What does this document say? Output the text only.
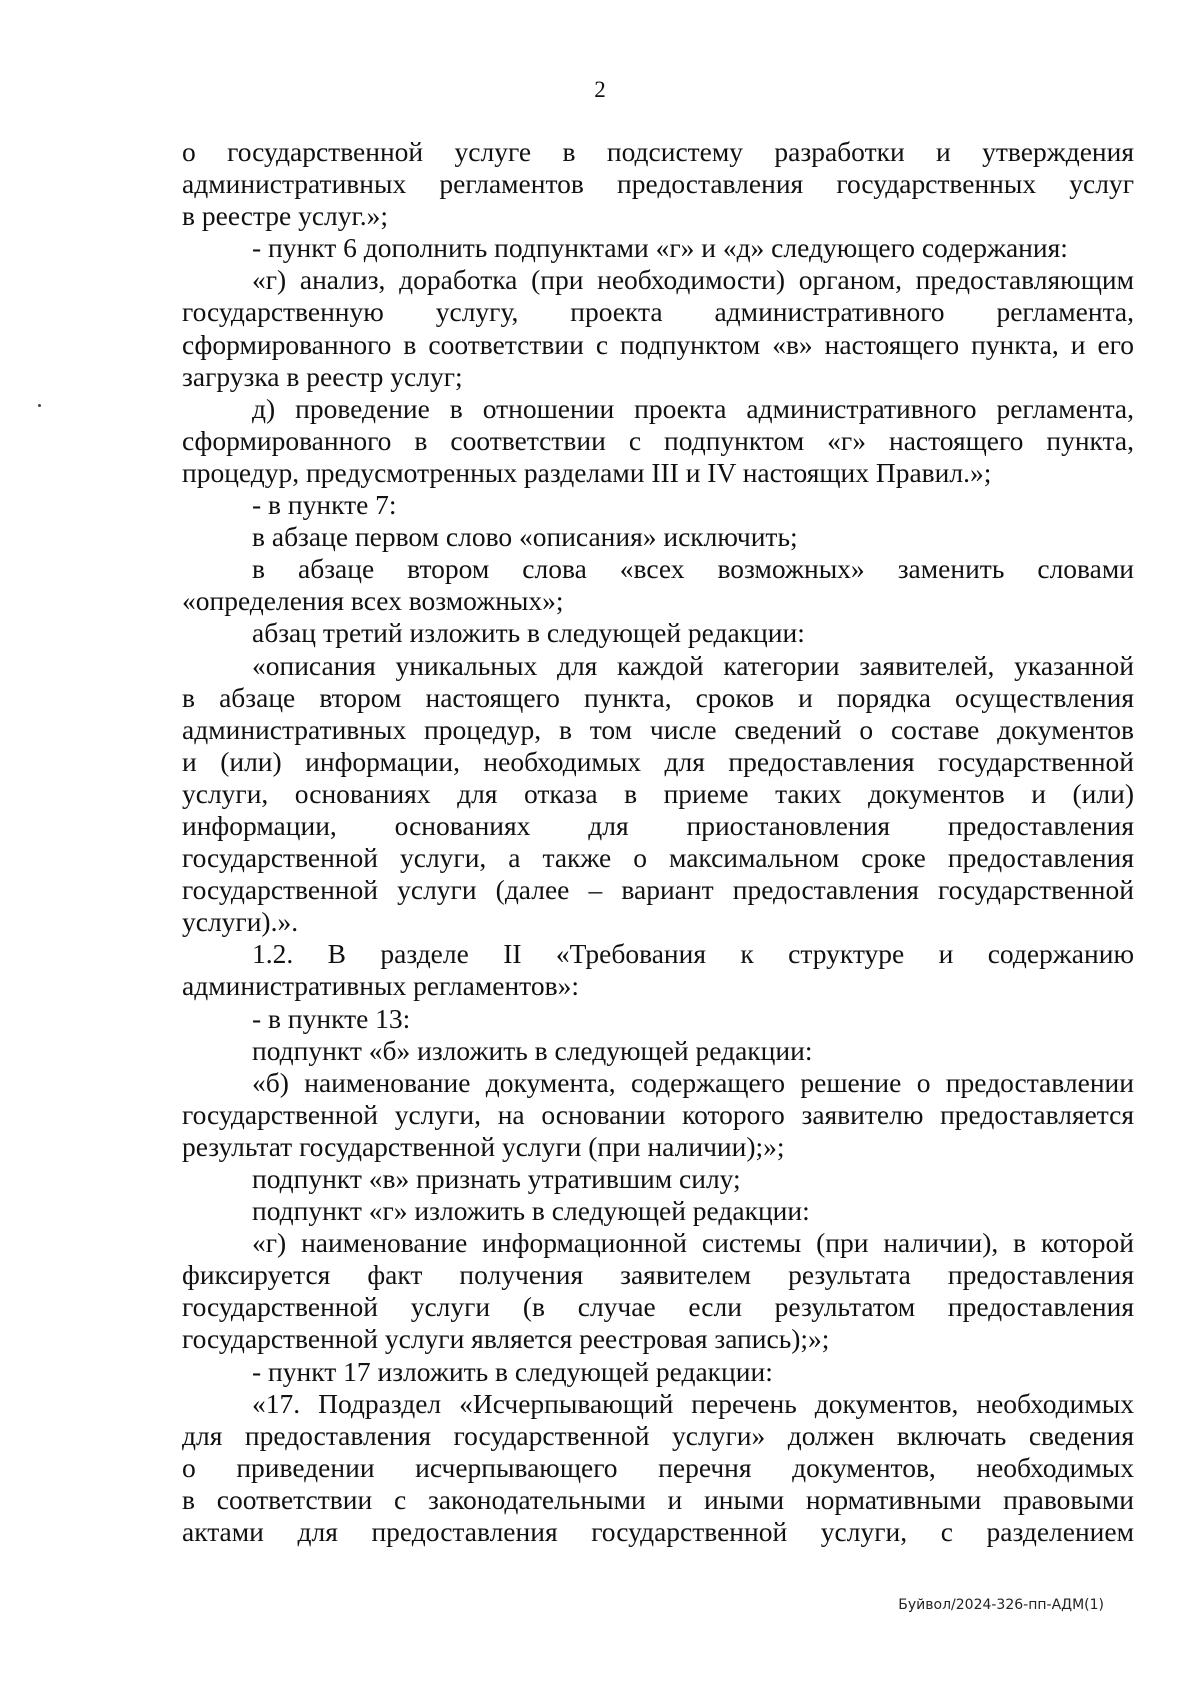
2
о государственной услуге в подсистему разработки и утверждения
административных регламентов предоставления государственных услуг
в реестре услуг.»;
- пункт 6 дополнить подпунктами «г» и «д» следующего содержания:
«г) анализ, доработка (при необходимости) органом, предоставляющим
государственную услугу, проекта административного регламента,
сформированного в соответствии с подпунктом «в» настоящего пункта, и его
загрузка в реестр услуг;
д) проведение в отношении проекта административного регламента,
сформированного в соответствии с подпунктом «г» настоящего пункта,
процедур, предусмотренных разделами III и IV настоящих Правил.»;
- в пункте 7:
в абзаце первом слово «описания» исключить;
в абзаце втором слова «всех возможных» заменить словами
«определения всех возможных»;
абзац третий изложить в следующей редакции:
«описания уникальных для каждой категории заявителей, указанной
в абзаце втором настоящего пункта, сроков и порядка осуществления
административных процедур, в том числе сведений о составе документов
и (или) информации, необходимых для предоставления государственной
услуги, основаниях для отказа в приеме таких документов и (или)
информации, основаниях для приостановления предоставления
государственной услуги, а также о максимальном сроке предоставления
государственной услуги (далее – вариант предоставления государственной
услуги).».
1.2. В разделе II «Требования к структуре и содержанию
административных регламентов»:
- в пункте 13:
подпункт «б» изложить в следующей редакции:
«б) наименование документа, содержащего решение о предоставлении
государственной услуги, на основании которого заявителю предоставляется
результат государственной услуги (при наличии);»;
подпункт «в» признать утратившим силу;
подпункт «г» изложить в следующей редакции:
«г) наименование информационной системы (при наличии), в которой
фиксируется факт получения заявителем результата предоставления
государственной услуги (в случае если результатом предоставления
государственной услуги является реестровая запись);»;
- пункт 17 изложить в следующей редакции:
«17. Подраздел «Исчерпывающий перечень документов, необходимых
для предоставления государственной услуги» должен включать сведения
о приведении исчерпывающего перечня документов, необходимых
в соответствии с законодательными и иными нормативными правовыми
актами для предоставления государственной услуги, с разделением
Буйвол/2024-326-пп-АДМ(1)
